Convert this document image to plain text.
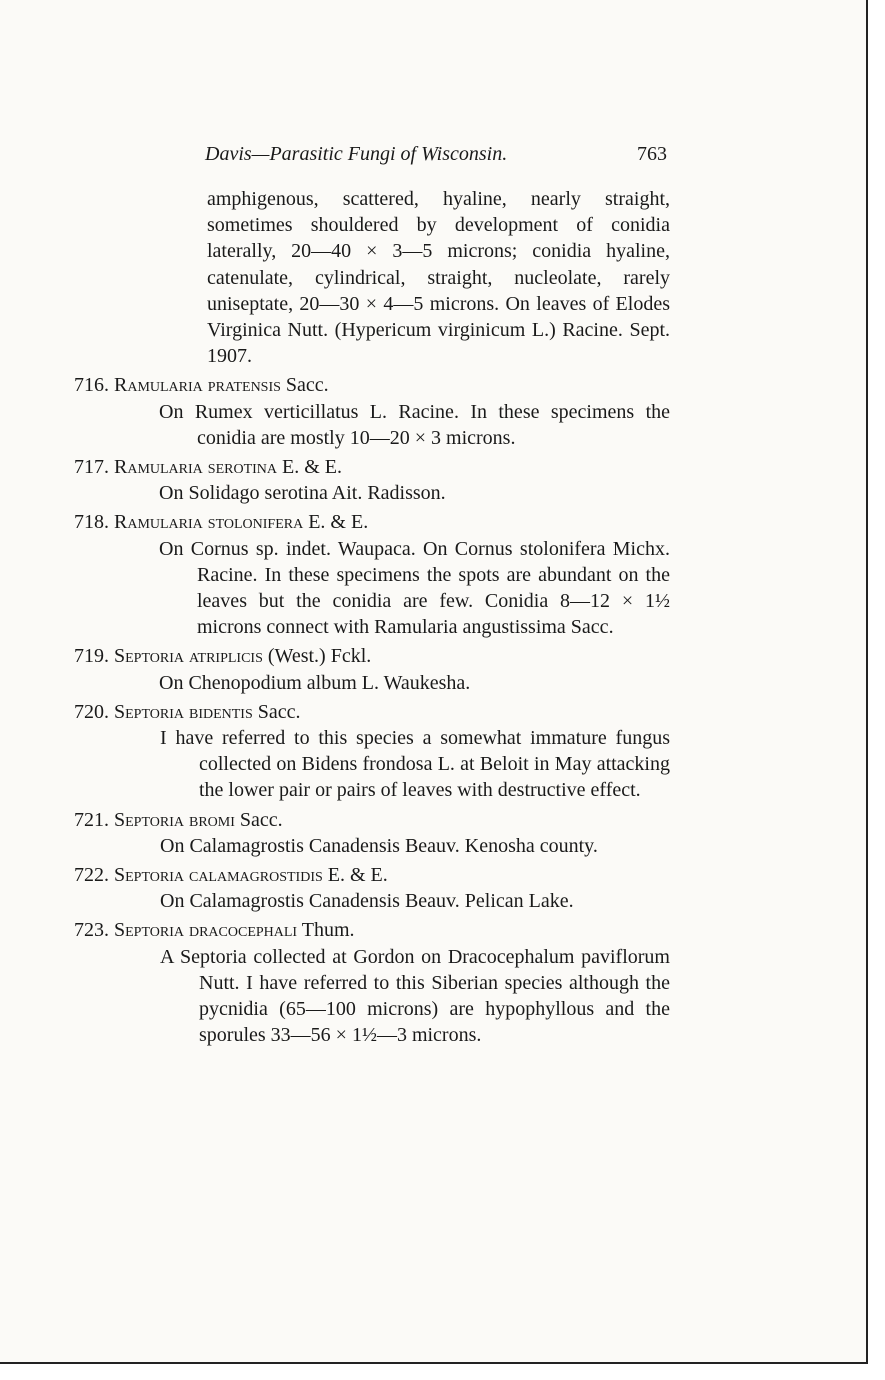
Davis—Parasitic Fungi of Wisconsin.	763
amphigenous, scattered, hyaline, nearly straight, sometimes shouldered by development of conidia laterally, 20—40 × 3—5 microns; conidia hyaline, catenulate, cylindrical, straight, nucleolate, rarely uniseptate, 20—30 × 4—5 microns. On leaves of Elodes Virginica Nutt. (Hypericum virginicum L.) Racine. Sept. 1907.
716. Ramularia pratensis Sacc.
On Rumex verticillatus L. Racine. In these specimens the conidia are mostly 10—20 × 3 microns.
717. Ramularia serotina E. & E.
On Solidago serotina Ait. Radisson.
718. Ramularia stolonifera E. & E.
On Cornus sp. indet. Waupaca. On Cornus stolonifera Michx. Racine. In these specimens the spots are abundant on the leaves but the conidia are few. Conidia 8—12 × 1½ microns connect with Ramularia angustissima Sacc.
719. Septoria atriplicis (West.) Fckl.
On Chenopodium album L. Waukesha.
720. Septoria bidentis Sacc.
I have referred to this species a somewhat immature fungus collected on Bidens frondosa L. at Beloit in May attacking the lower pair or pairs of leaves with destructive effect.
721. Septoria bromi Sacc.
On Calamagrostis Canadensis Beauv. Kenosha county.
722. Septoria calamagrostidis E. & E.
On Calamagrostis Canadensis Beauv. Pelican Lake.
723. Septoria dracocephali Thum.
A Septoria collected at Gordon on Dracocephalum paviflorum Nutt. I have referred to this Siberian species although the pycnidia (65—100 microns) are hypophyllous and the sporules 33—56 × 1½—3 microns.
